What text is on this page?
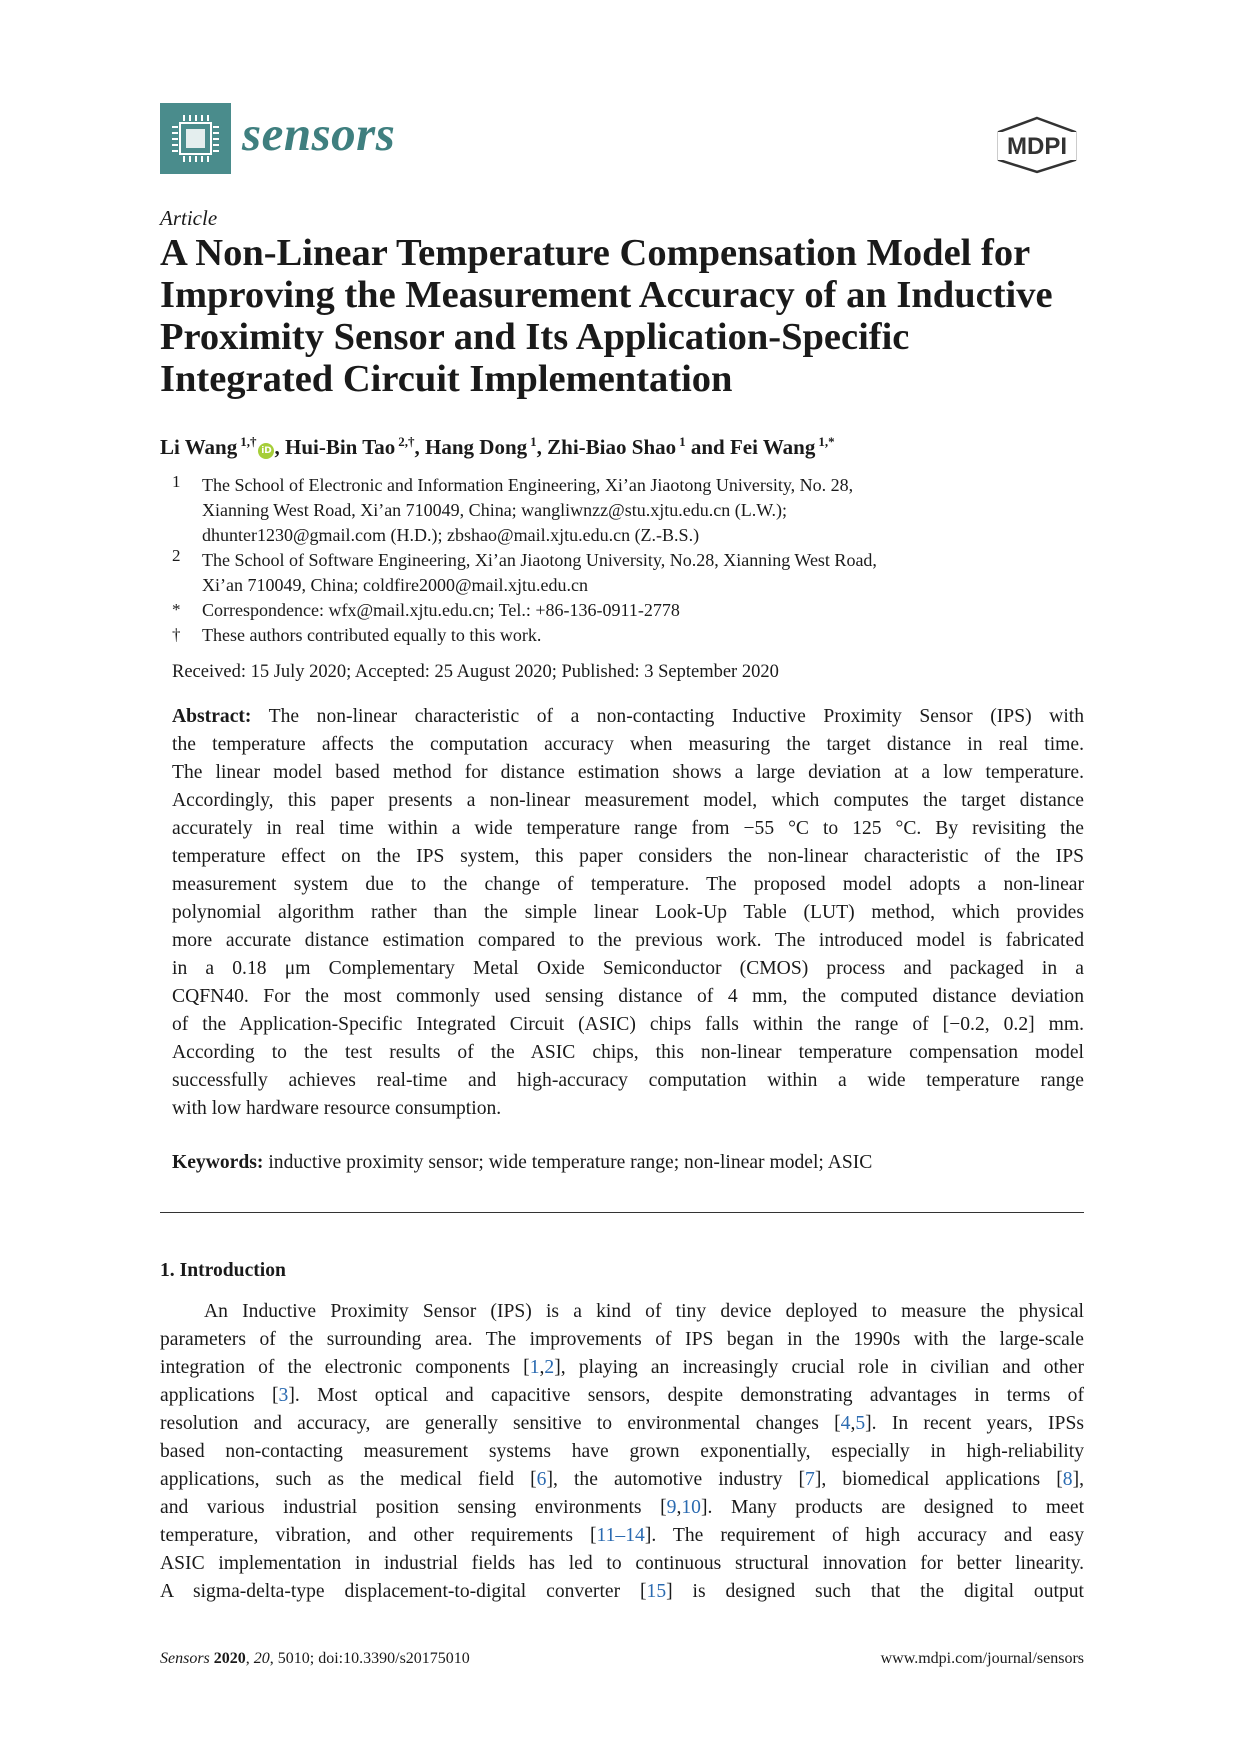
sensors	MDPI
Article
A Non-Linear Temperature Compensation Model for
Improving the Measurement Accuracy of an Inductive
Proximity Sensor and Its Application-Specific
Integrated Circuit Implementation
Li Wang $^{1,\dagger}$iD , Hui-Bin Tao $^{2,\dagger}$, Hang Dong $^1$, Zhi-Biao Shao $^1$ and Fei Wang $^{1,*}$
1 The School of Electronic and Information Engineering, Xi’an Jiaotong University, No. 28,
Xianning West Road, Xi’an 710049, China; wangliwnzz@stu.xjtu.edu.cn (L.W.);
dhunter1230@gmail.com (H.D.); zbshao@mail.xjtu.edu.cn (Z.-B.S.)
2 The School of Software Engineering, Xi’an Jiaotong University, No.28, Xianning West Road,
Xi’an 710049, China; coldfire2000@mail.xjtu.edu.cn
* Correspondence: wfx@mail.xjtu.edu.cn; Tel.: +86-136-0911-2778
† These authors contributed equally to this work.
Received: 15 July 2020; Accepted: 25 August 2020; Published: 3 September 2020
Abstract: The non-linear characteristic of a non-contacting Inductive Proximity Sensor (IPS) with
the temperature affects the computation accuracy when measuring the target distance in real time.
The linear model based method for distance estimation shows a large deviation at a low temperature.
Accordingly, this paper presents a non-linear measurement model, which computes the target distance
accurately in real time within a wide temperature range from −55 °C to 125 °C. By revisiting the
temperature effect on the IPS system, this paper considers the non-linear characteristic of the IPS
measurement system due to the change of temperature. The proposed model adopts a non-linear
polynomial algorithm rather than the simple linear Look-Up Table (LUT) method, which provides
more accurate distance estimation compared to the previous work. The introduced model is fabricated
in a 0.18 μm Complementary Metal Oxide Semiconductor (CMOS) process and packaged in a
CQFN40. For the most commonly used sensing distance of 4 mm, the computed distance deviation
of the Application-Specific Integrated Circuit (ASIC) chips falls within the range of [−0.2, 0.2] mm.
According to the test results of the ASIC chips, this non-linear temperature compensation model
successfully achieves real-time and high-accuracy computation within a wide temperature range
with low hardware resource consumption.
Keywords: inductive proximity sensor; wide temperature range; non-linear model; ASIC
1. Introduction
An Inductive Proximity Sensor (IPS) is a kind of tiny device deployed to measure the physical
parameters of the surrounding area. The improvements of IPS began in the 1990s with the large-scale
integration of the electronic components [1,2], playing an increasingly crucial role in civilian and other
applications [3]. Most optical and capacitive sensors, despite demonstrating advantages in terms of
resolution and accuracy, are generally sensitive to environmental changes [4,5]. In recent years, IPSs
based non-contacting measurement systems have grown exponentially, especially in high-reliability
applications, such as the medical field [6], the automotive industry [7], biomedical applications [8],
and various industrial position sensing environments [9,10]. Many products are designed to meet
temperature, vibration, and other requirements [11–14]. The requirement of high accuracy and easy
ASIC implementation in industrial fields has led to continuous structural innovation for better linearity.
A sigma-delta-type displacement-to-digital converter [15] is designed such that the digital output
Sensors 2020, 20, 5010; doi:10.3390/s20175010	www.mdpi.com/journal/sensors
